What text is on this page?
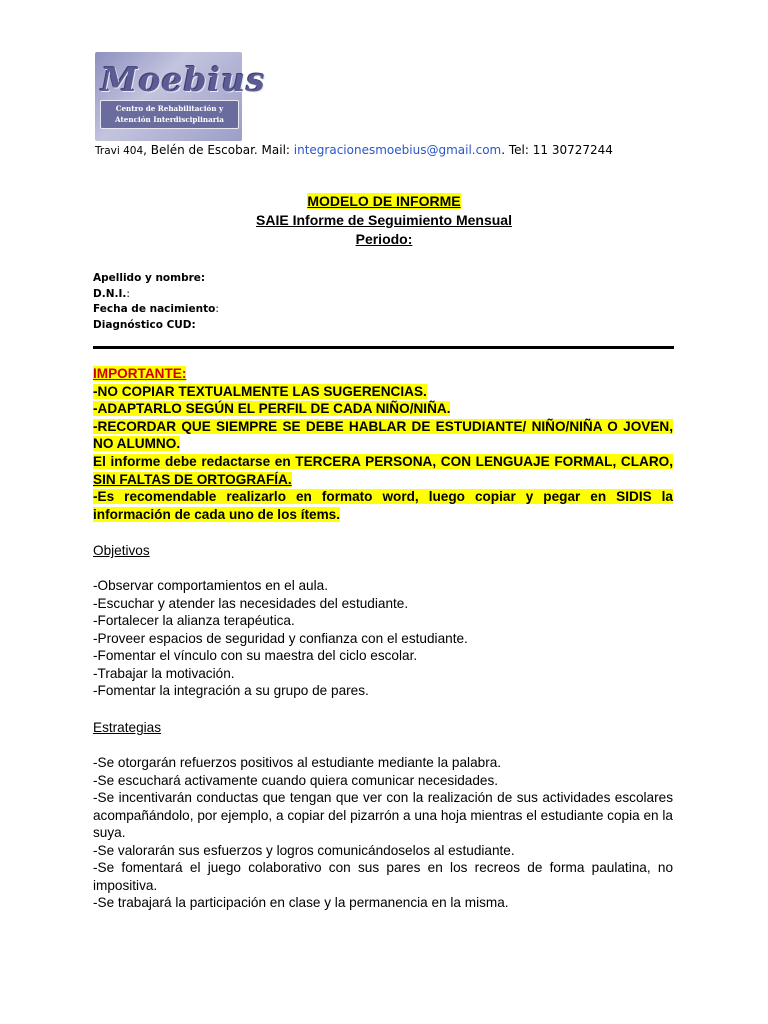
Moebius
Centro de Rehabilitación y
Atención Interdisciplinaria
Travi 404, Belén de Escobar. Mail: integracionesmoebius@gmail.com. Tel: 11 30727244
MODELO DE INFORME
SAIE Informe de Seguimiento Mensual
Periodo:
Apellido y nombre:
D.N.I.:
Fecha de nacimiento:
Diagnóstico CUD:

IMPORTANTE:

-NO COPIAR TEXTUALMENTE LAS SUGERENCIAS.

-ADAPTARLO SEGÚN EL PERFIL DE CADA NIÑO/NIÑA.

-RECORDAR QUE SIEMPRE SE DEBE HABLAR DE ESTUDIANTE/ NIÑO/NIÑA O JOVEN, NO ALUMNO.

El informe debe redactarse en TERCERA PERSONA, CON LENGUAJE FORMAL, CLARO, SIN FALTAS DE ORTOGRAFÍA.

-Es recomendable realizarlo en formato word, luego copiar y pegar en SIDIS la información de cada uno de los ítems.

Objetivos

-Observar comportamientos en el aula.

-Escuchar y atender las necesidades del estudiante.

-Fortalecer la alianza terapéutica.

-Proveer espacios de seguridad y confianza con el estudiante.

-Fomentar el vínculo con su maestra del ciclo escolar.

-Trabajar la motivación.

-Fomentar la integración a su grupo de pares.

Estrategias

-Se otorgarán refuerzos positivos al estudiante mediante la palabra.

-Se escuchará activamente cuando quiera comunicar necesidades.

-Se incentivarán conductas que tengan que ver con la realización de sus actividades escolares acompañándolo, por ejemplo, a copiar del pizarrón a una hoja mientras el estudiante copia en la suya.

-Se valorarán sus esfuerzos y logros comunicándoselos al estudiante.

-Se fomentará el juego colaborativo con sus pares en los recreos de forma paulatina, no impositiva.

-Se trabajará la participación en clase y la permanencia en la misma.
